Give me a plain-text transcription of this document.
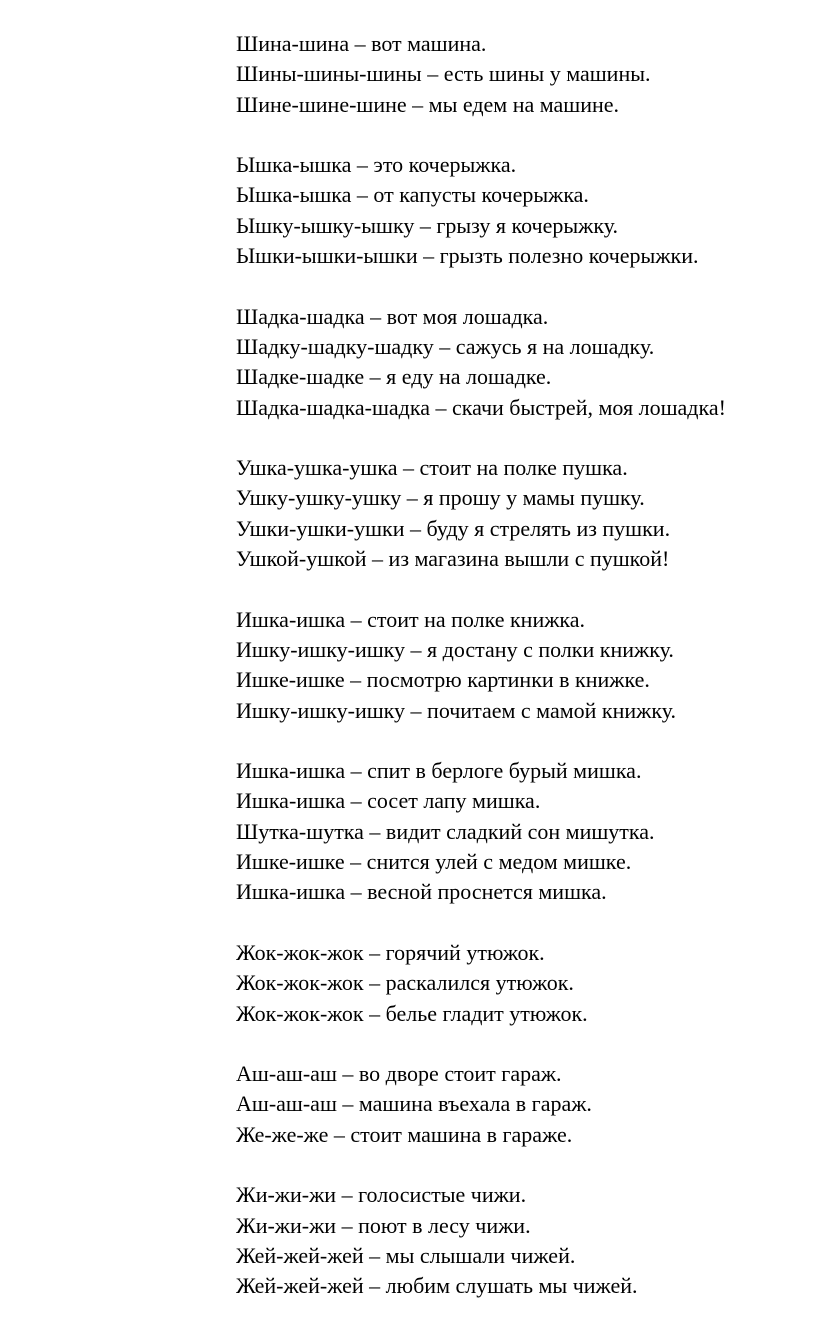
Шина-шина – вот машина.
Шины-шины-шины – есть шины у машины.
Шине-шине-шине – мы едем на машине.
Ышка-ышка – это кочерыжка.
Ышка-ышка – от капусты кочерыжка.
Ышку-ышку-ышку – грызу я кочерыжку.
Ышки-ышки-ышки – грызть полезно кочерыжки.
Шадка-шадка – вот моя лошадка.
Шадку-шадку-шадку – сажусь я на лошадку.
Шадке-шадке – я еду на лошадке.
Шадка-шадка-шадка – скачи быстрей, моя лошадка!
Ушка-ушка-ушка – стоит на полке пушка.
Ушку-ушку-ушку – я прошу у мамы пушку.
Ушки-ушки-ушки – буду я стрелять из пушки.
Ушкой-ушкой – из магазина вышли с пушкой!
Ишка-ишка – стоит на полке книжка.
Ишку-ишку-ишку – я достану с полки книжку.
Ишке-ишке – посмотрю картинки в книжке.
Ишку-ишку-ишку – почитаем с мамой книжку.
Ишка-ишка – спит в берлоге бурый мишка.
Ишка-ишка – сосет лапу мишка.
Шутка-шутка – видит сладкий сон мишутка.
Ишке-ишке – снится улей с медом мишке.
Ишка-ишка – весной проснется мишка.
Жок-жок-жок – горячий утюжок.
Жок-жок-жок – раскалился утюжок.
Жок-жок-жок – белье гладит утюжок.
Аш-аш-аш – во дворе стоит гараж.
Аш-аш-аш – машина въехала в гараж.
Же-же-же – стоит машина в гараже.
Жи-жи-жи – голосистые чижи.
Жи-жи-жи – поют в лесу чижи.
Жей-жей-жей – мы слышали чижей.
Жей-жей-жей – любим слушать мы чижей.
